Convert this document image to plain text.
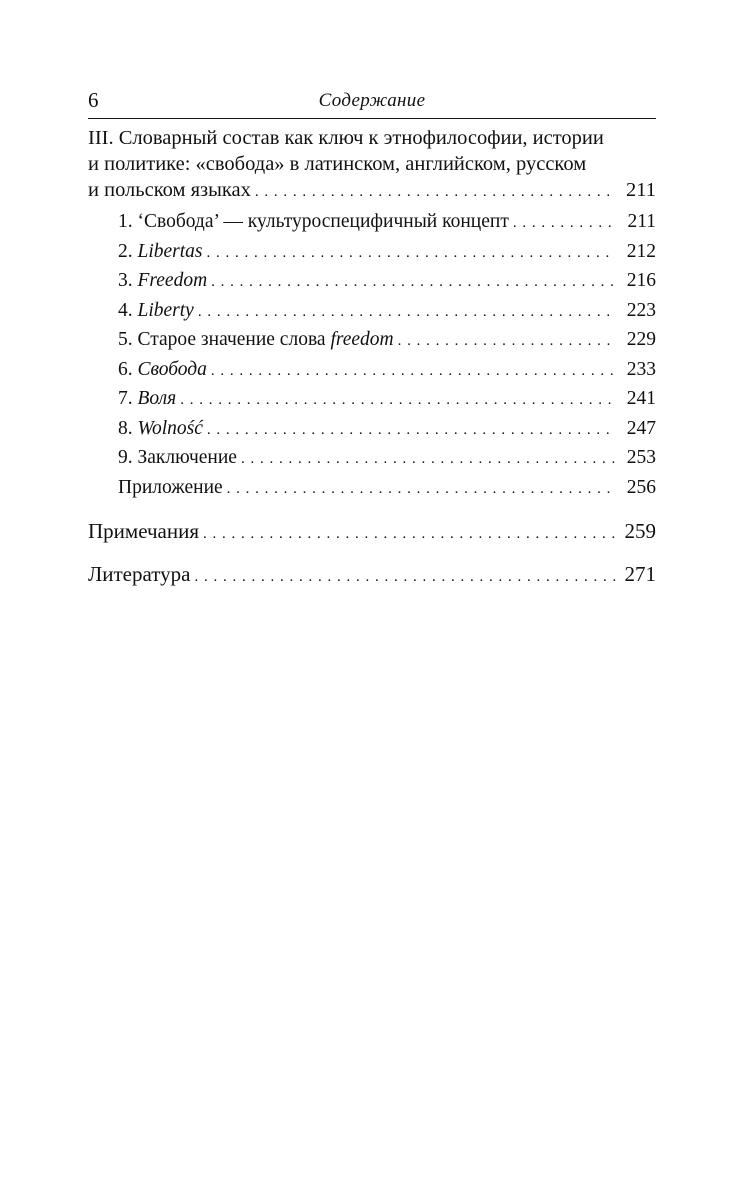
6	Содержание
III. Словарный состав как ключ к этнофилософии, истории
и политике: «свобода» в латинском, английском, русском
и польском языках . . .	211
1. ‘Свобода’ — культуроспецифичный концепт . . .	211
2. Libertas . . .	212
3. Freedom . . .	216
4. Liberty . . .	223
5. Старое значение слова freedom . . .	229
6. Свобода . . .	233
7. Воля . . .	241
8. Wolność . . .	247
9. Заключение . . .	253
Приложение . . .	256
Примечания . . .	259
Литература . . .	271
